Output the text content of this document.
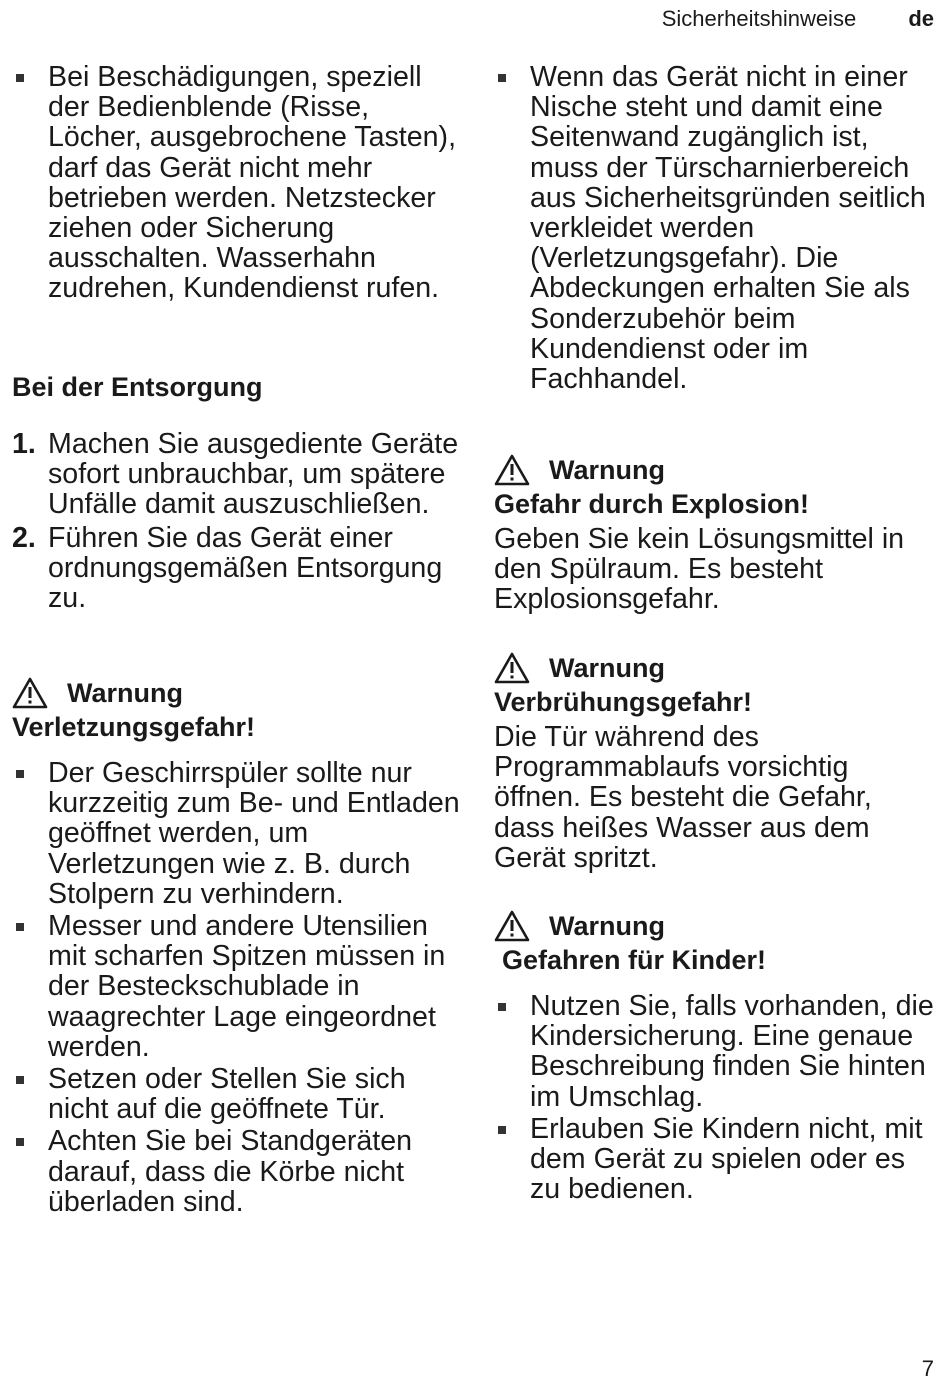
Sicherheitshinweise de
Bei Beschädigungen, speziell der Bedienblende (Risse, Löcher, ausgebrochene Tasten), darf das Gerät nicht mehr betrieben werden. Netzstecker ziehen oder Sicherung ausschalten. Wasserhahn zudrehen, Kundendienst rufen.
Bei der Entsorgung
1. Machen Sie ausgediente Geräte sofort unbrauchbar, um spätere Unfälle damit auszuschließen.
2. Führen Sie das Gerät einer ordnungsgemäßen Entsorgung zu.
Warnung

Verletzungsgefahr!

Der Geschirrspüler sollte nur kurzzeitig zum Be- und Entladen geöffnet werden, um Verletzungen wie z. B. durch Stolpern zu verhindern.
Messer und andere Utensilien mit scharfen Spitzen müssen in der Besteckschublade in waagrechter Lage eingeordnet werden.
Setzen oder Stellen Sie sich nicht auf die geöffnete Tür.
Achten Sie bei Standgeräten darauf, dass die Körbe nicht überladen sind.
Wenn das Gerät nicht in einer Nische steht und damit eine Seitenwand zugänglich ist, muss der Türscharnierbereich aus Sicherheitsgründen seitlich verkleidet werden (Verletzungsgefahr). Die Abdeckungen erhalten Sie als Sonderzubehör beim Kundendienst oder im Fachhandel.
Warnung

Gefahr durch Explosion!

Geben Sie kein Lösungsmittel in den Spülraum. Es besteht Explosionsgefahr.
Warnung

Verbrühungsgefahr!

Die Tür während des Programmablaufs vorsichtig öffnen. Es besteht die Gefahr, dass heißes Wasser aus dem Gerät spritzt.
Warnung

Gefahren für Kinder!

Nutzen Sie, falls vorhanden, die Kindersicherung. Eine genaue Beschreibung finden Sie hinten im Umschlag.
Erlauben Sie Kindern nicht, mit dem Gerät zu spielen oder es zu bedienen.
7
